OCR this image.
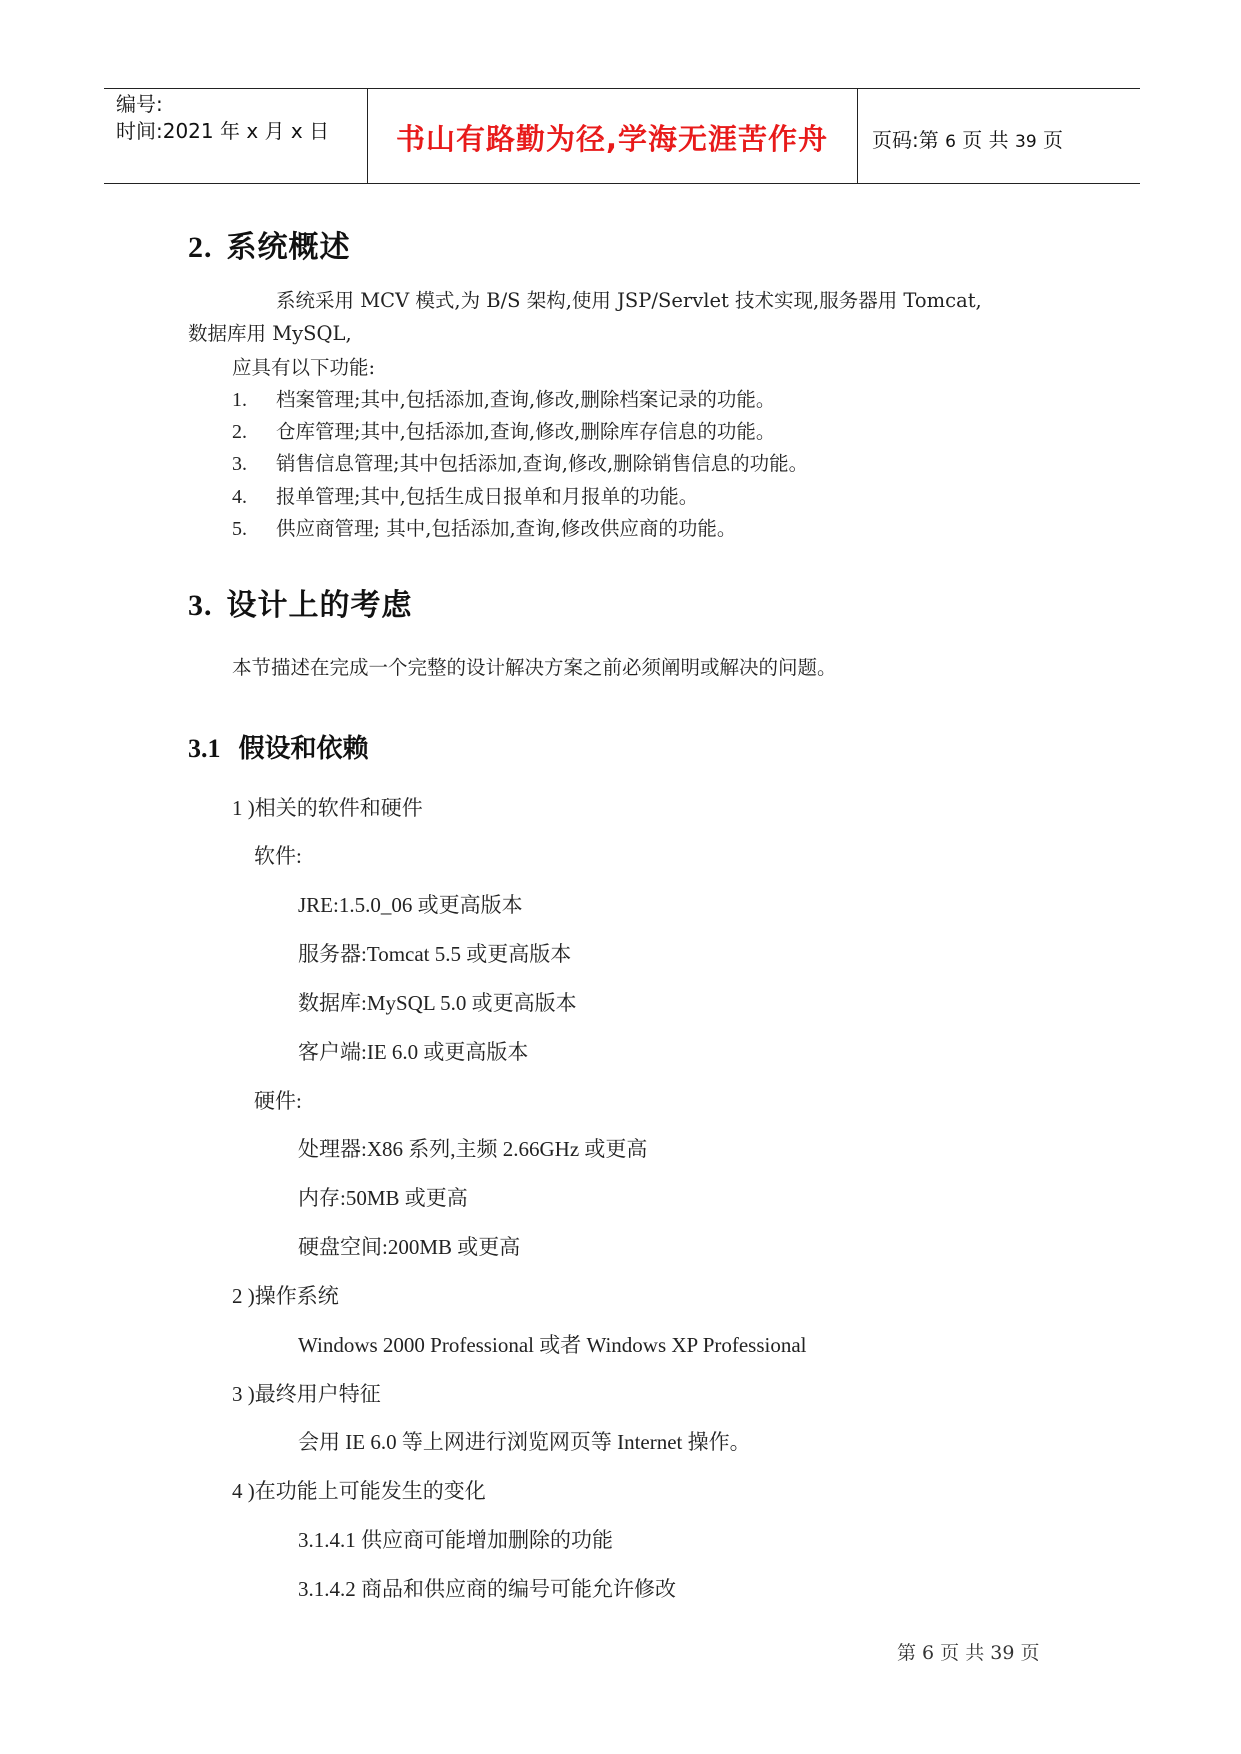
编号:
时间:2021 年 x 月 x 日	书山有路勤为径,学海无涯苦作舟	页码:第 6 页 共 39 页
2. 系统概述
系统采用 MCV 模式,为 B/S 架构,使用 JSP/Servlet 技术实现,服务器用 Tomcat,
数据库用 MySQL,
应具有以下功能:
1. 档案管理;其中,包括添加,查询,修改,删除档案记录的功能。
2. 仓库管理;其中,包括添加,查询,修改,删除库存信息的功能。
3. 销售信息管理;其中包括添加,查询,修改,删除销售信息的功能。
4. 报单管理;其中,包括生成日报单和月报单的功能。
5. 供应商管理; 其中,包括添加,查询,修改供应商的功能。
3. 设计上的考虑
本节描述在完成一个完整的设计解决方案之前必须阐明或解决的问题。
3.1 假设和依赖
1 )相关的软件和硬件
软件:
JRE:1.5.0_06 或更高版本
服务器:Tomcat 5.5 或更高版本
数据库:MySQL 5.0 或更高版本
客户端:IE 6.0 或更高版本
硬件:
处理器:X86 系列,主频 2.66GHz 或更高
内存:50MB 或更高
硬盘空间:200MB 或更高
2 )操作系统
Windows 2000 Professional 或者 Windows XP Professional
3 )最终用户特征
会用 IE 6.0 等上网进行浏览网页等 Internet 操作。
4 )在功能上可能发生的变化
3.1.4.1 供应商可能增加删除的功能
3.1.4.2 商品和供应商的编号可能允许修改
第 6 页 共 39 页
